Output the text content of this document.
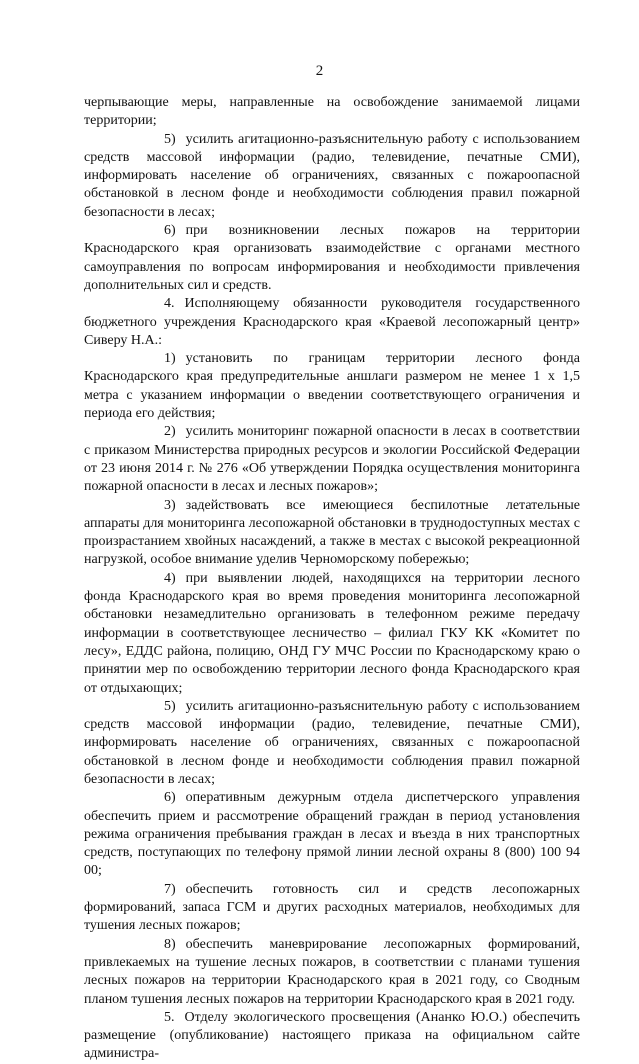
2

черпывающие меры, направленные на освобождение занимаемой лицами территории;

5) усилить агитационно-разъяснительную работу с использованием средств массовой информации (радио, телевидение, печатные СМИ), информировать население об ограничениях, связанных с пожароопасной обстановкой в лесном фонде и необходимости соблюдения правил пожарной безопасности в лесах;

6) при возникновении лесных пожаров на территории Краснодарского края организовать взаимодействие с органами местного самоуправления по вопросам информирования и необходимости привлечения дополнительных сил и средств.

4. Исполняющему обязанности руководителя государственного бюджетного учреждения Краснодарского края «Краевой лесопожарный центр» Сиверу Н.А.:

1) установить по границам территории лесного фонда Краснодарского края предупредительные аншлаги размером не менее 1 х 1,5 метра с указанием информации о введении соответствующего ограничения и периода его действия;

2) усилить мониторинг пожарной опасности в лесах в соответствии с приказом Министерства природных ресурсов и экологии Российской Федерации от 23 июня 2014 г. № 276 «Об утверждении Порядка осуществления мониторинга пожарной опасности в лесах и лесных пожаров»;

3) задействовать все имеющиеся беспилотные летательные аппараты для мониторинга лесопожарной обстановки в труднодоступных местах с произрастанием хвойных насаждений, а также в местах с высокой рекреационной нагрузкой, особое внимание уделив Черноморскому побережью;

4) при выявлении людей, находящихся на территории лесного фонда Краснодарского края во время проведения мониторинга лесопожарной обстановки незамедлительно организовать в телефонном режиме передачу информации в соответствующее лесничество – филиал ГКУ КК «Комитет по лесу», ЕДДС района, полицию, ОНД ГУ МЧС России по Краснодарскому краю о принятии мер по освобождению территории лесного фонда Краснодарского края от отдыхающих;

5) усилить агитационно-разъяснительную работу с использованием средств массовой информации (радио, телевидение, печатные СМИ), информировать население об ограничениях, связанных с пожароопасной обстановкой в лесном фонде и необходимости соблюдения правил пожарной безопасности в лесах;

6) оперативным дежурным отдела диспетчерского управления обеспечить прием и рассмотрение обращений граждан в период установления режима ограничения пребывания граждан в лесах и въезда в них транспортных средств, поступающих по телефону прямой линии лесной охраны 8 (800) 100 94 00;

7) обеспечить готовность сил и средств лесопожарных формирований, запаса ГСМ и других расходных материалов, необходимых для тушения лесных пожаров;

8) обеспечить маневрирование лесопожарных формирований, привлекаемых на тушение лесных пожаров, в соответствии с планами тушения лесных пожаров на территории Краснодарского края в 2021 году, со Сводным планом тушения лесных пожаров на территории Краснодарского края в 2021 году.

5. Отделу экологического просвещения (Ананко Ю.О.) обеспечить размещение (опубликование) настоящего приказа на официальном сайте администра-
